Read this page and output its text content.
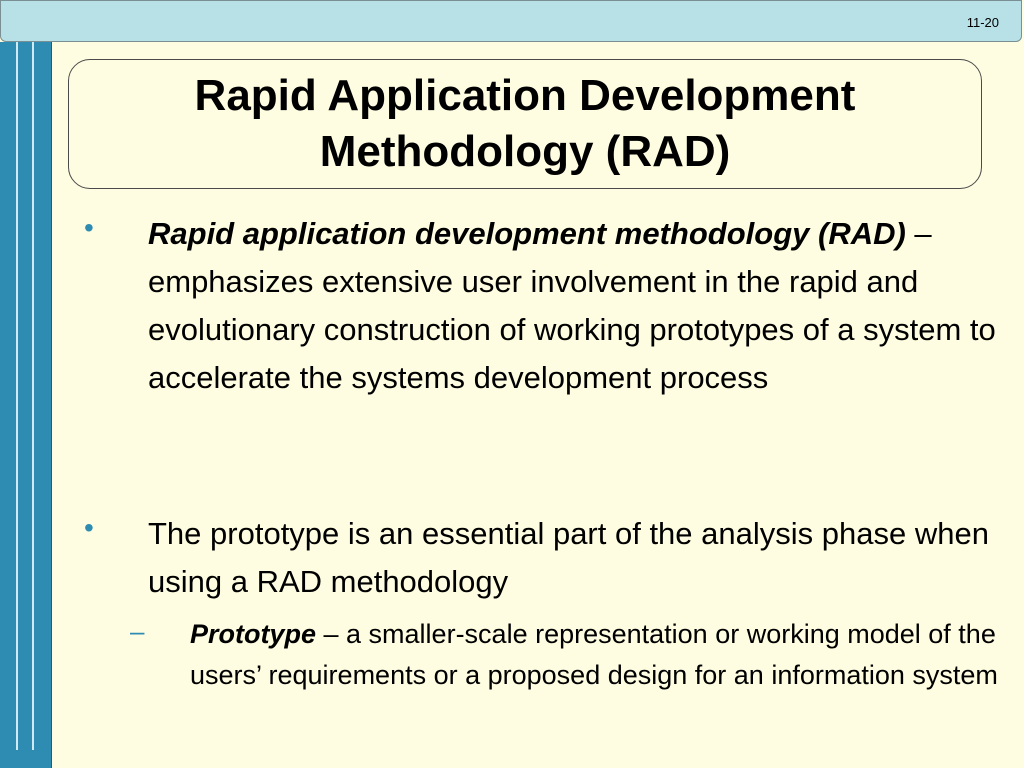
11-20
Rapid Application Development Methodology (RAD)
• Rapid application development methodology (RAD) – emphasizes extensive user involvement in the rapid and evolutionary construction of working prototypes of a system to accelerate the systems development process
• The prototype is an essential part of the analysis phase when using a RAD methodology
– Prototype – a smaller-scale representation or working model of the users’ requirements or a proposed design for an information system
